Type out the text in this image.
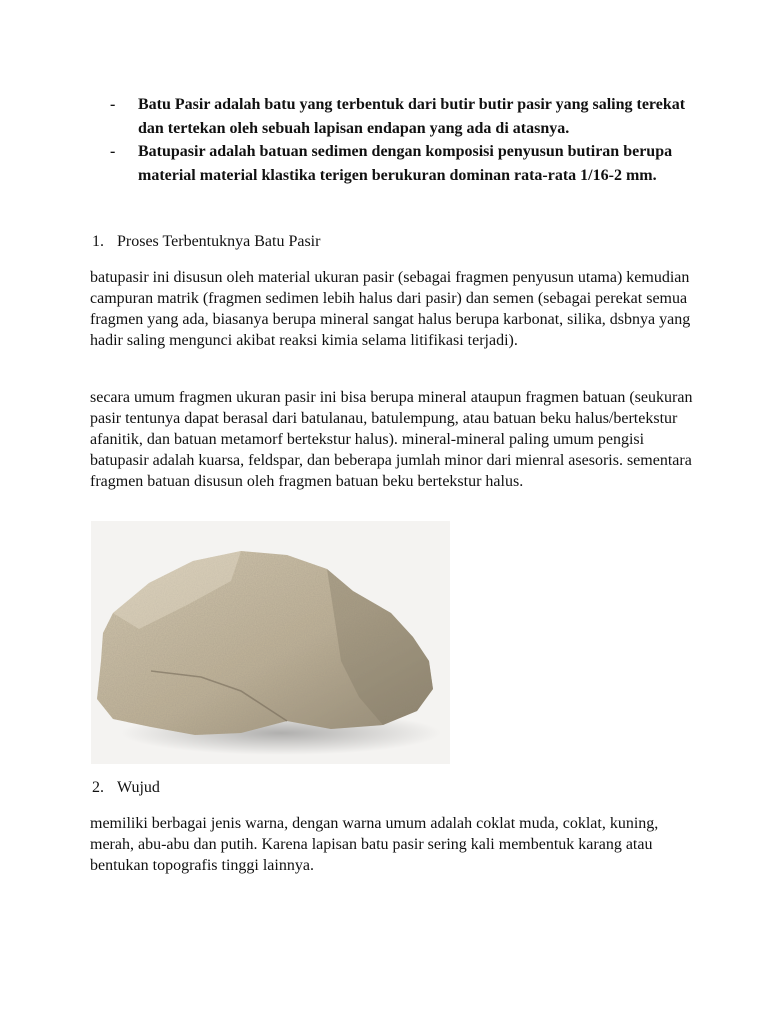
-	Batu Pasir adalah batu yang terbentuk dari butir butir pasir yang saling terekat dan tertekan oleh sebuah lapisan endapan yang ada di atasnya.
-	Batupasir adalah batuan sedimen dengan komposisi penyusun butiran berupa material material klastika terigen berukuran dominan rata-rata 1/16-2 mm.
1. Proses Terbentuknya Batu Pasir

batupasir ini disusun oleh material ukuran pasir (sebagai fragmen penyusun utama) kemudian campuran matrik (fragmen sedimen lebih halus dari pasir) dan semen (sebagai perekat semua fragmen yang ada, biasanya berupa mineral sangat halus berupa karbonat, silika, dsbnya yang hadir saling mengunci akibat reaksi kimia selama litifikasi terjadi).

secara umum fragmen ukuran pasir ini bisa berupa mineral ataupun fragmen batuan (seukuran pasir tentunya dapat berasal dari batulanau, batulempung, atau batuan beku halus/bertekstur afanitik, dan batuan metamorf bertekstur halus). mineral-mineral paling umum pengisi batupasir adalah kuarsa, feldspar, dan beberapa jumlah minor dari mienral asesoris. sementara fragmen batuan disusun oleh fragmen batuan beku bertekstur halus.

2. Wujud

memiliki berbagai jenis warna, dengan warna umum adalah coklat muda, coklat, kuning, merah, abu-abu dan putih. Karena lapisan batu pasir sering kali membentuk karang atau bentukan topografis tinggi lainnya.
